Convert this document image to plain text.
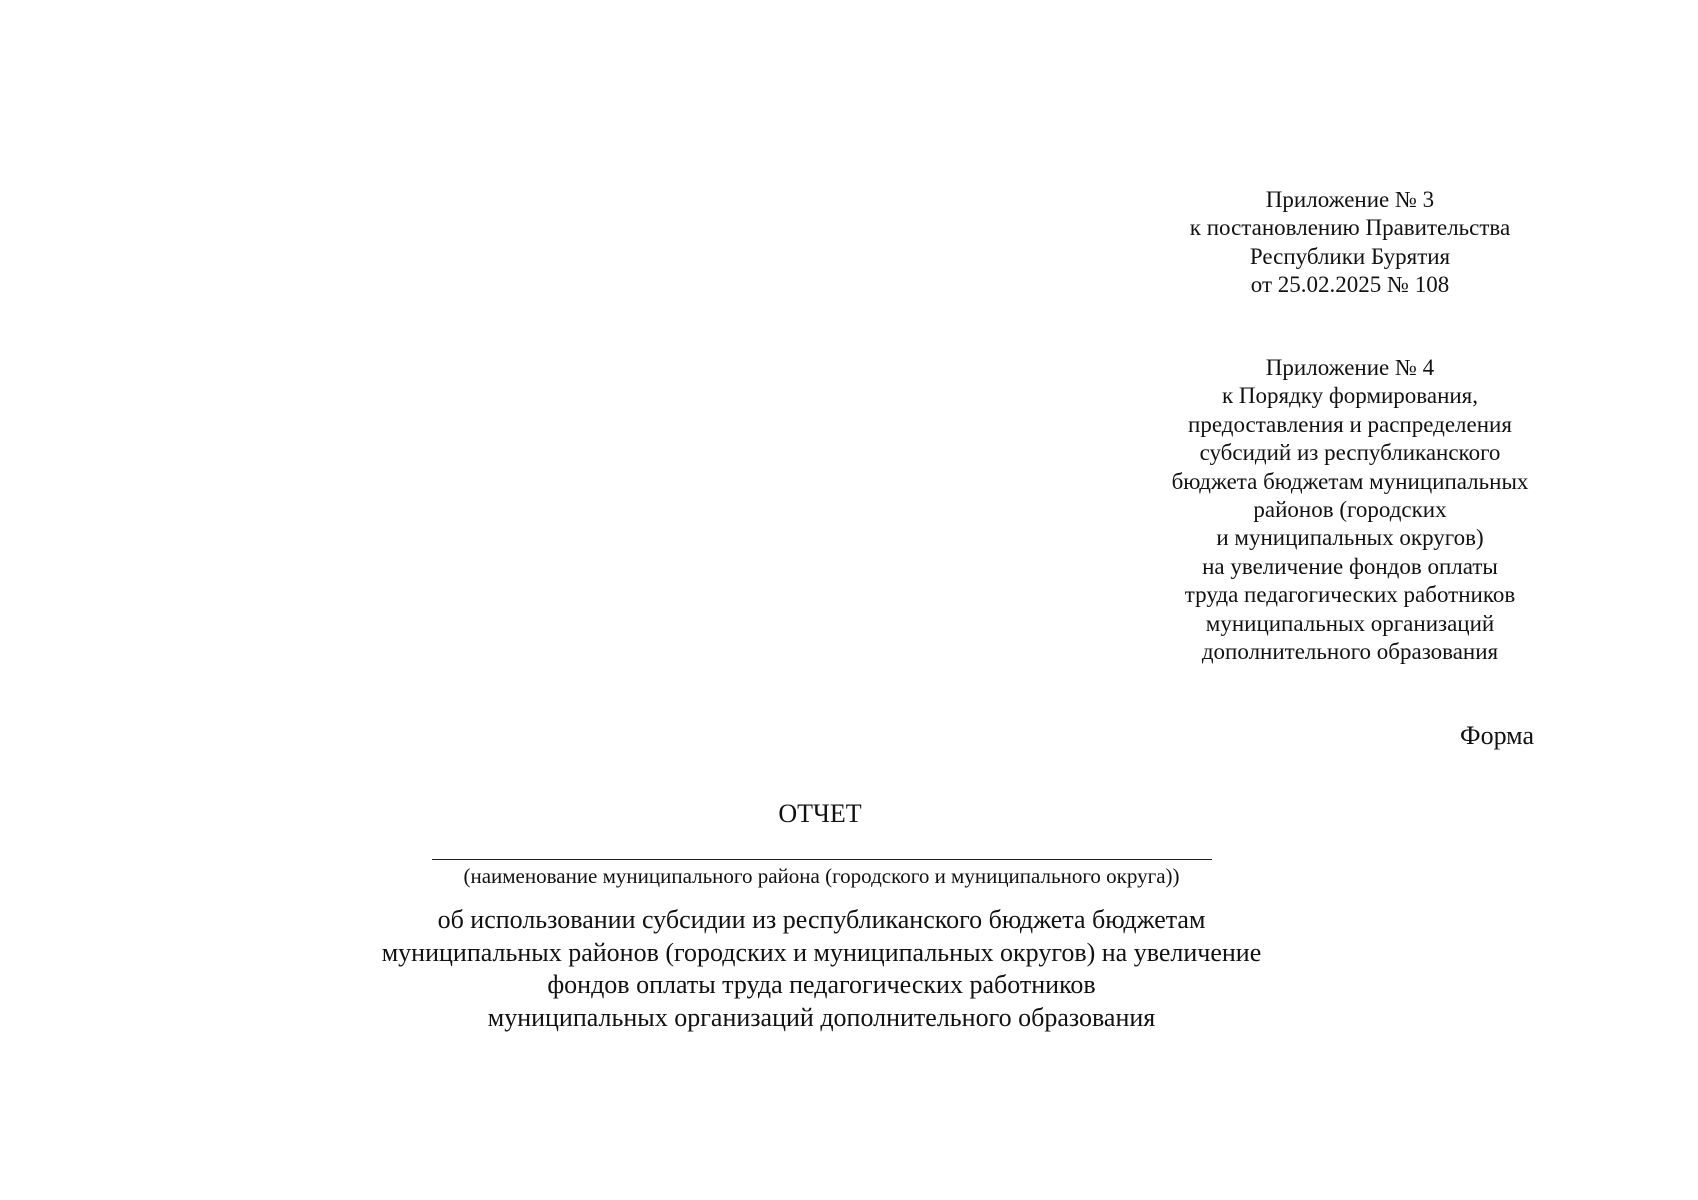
Приложение № 3
к постановлению Правительства
Республики Бурятия
от 25.02.2025 № 108
Приложение № 4
к Порядку формирования,
предоставления и распределения
субсидий из республиканского
бюджета бюджетам муниципальных
районов (городских
и муниципальных округов)
на увеличение фондов оплаты
труда педагогических работников
муниципальных организаций
дополнительного образования
Форма
ОТЧЕТ
(наименование муниципального района (городского и муниципального округа))
об использовании субсидии из республиканского бюджета бюджетам
муниципальных районов (городских и муниципальных округов) на увеличение
фондов оплаты труда педагогических работников
муниципальных организаций дополнительного образования
